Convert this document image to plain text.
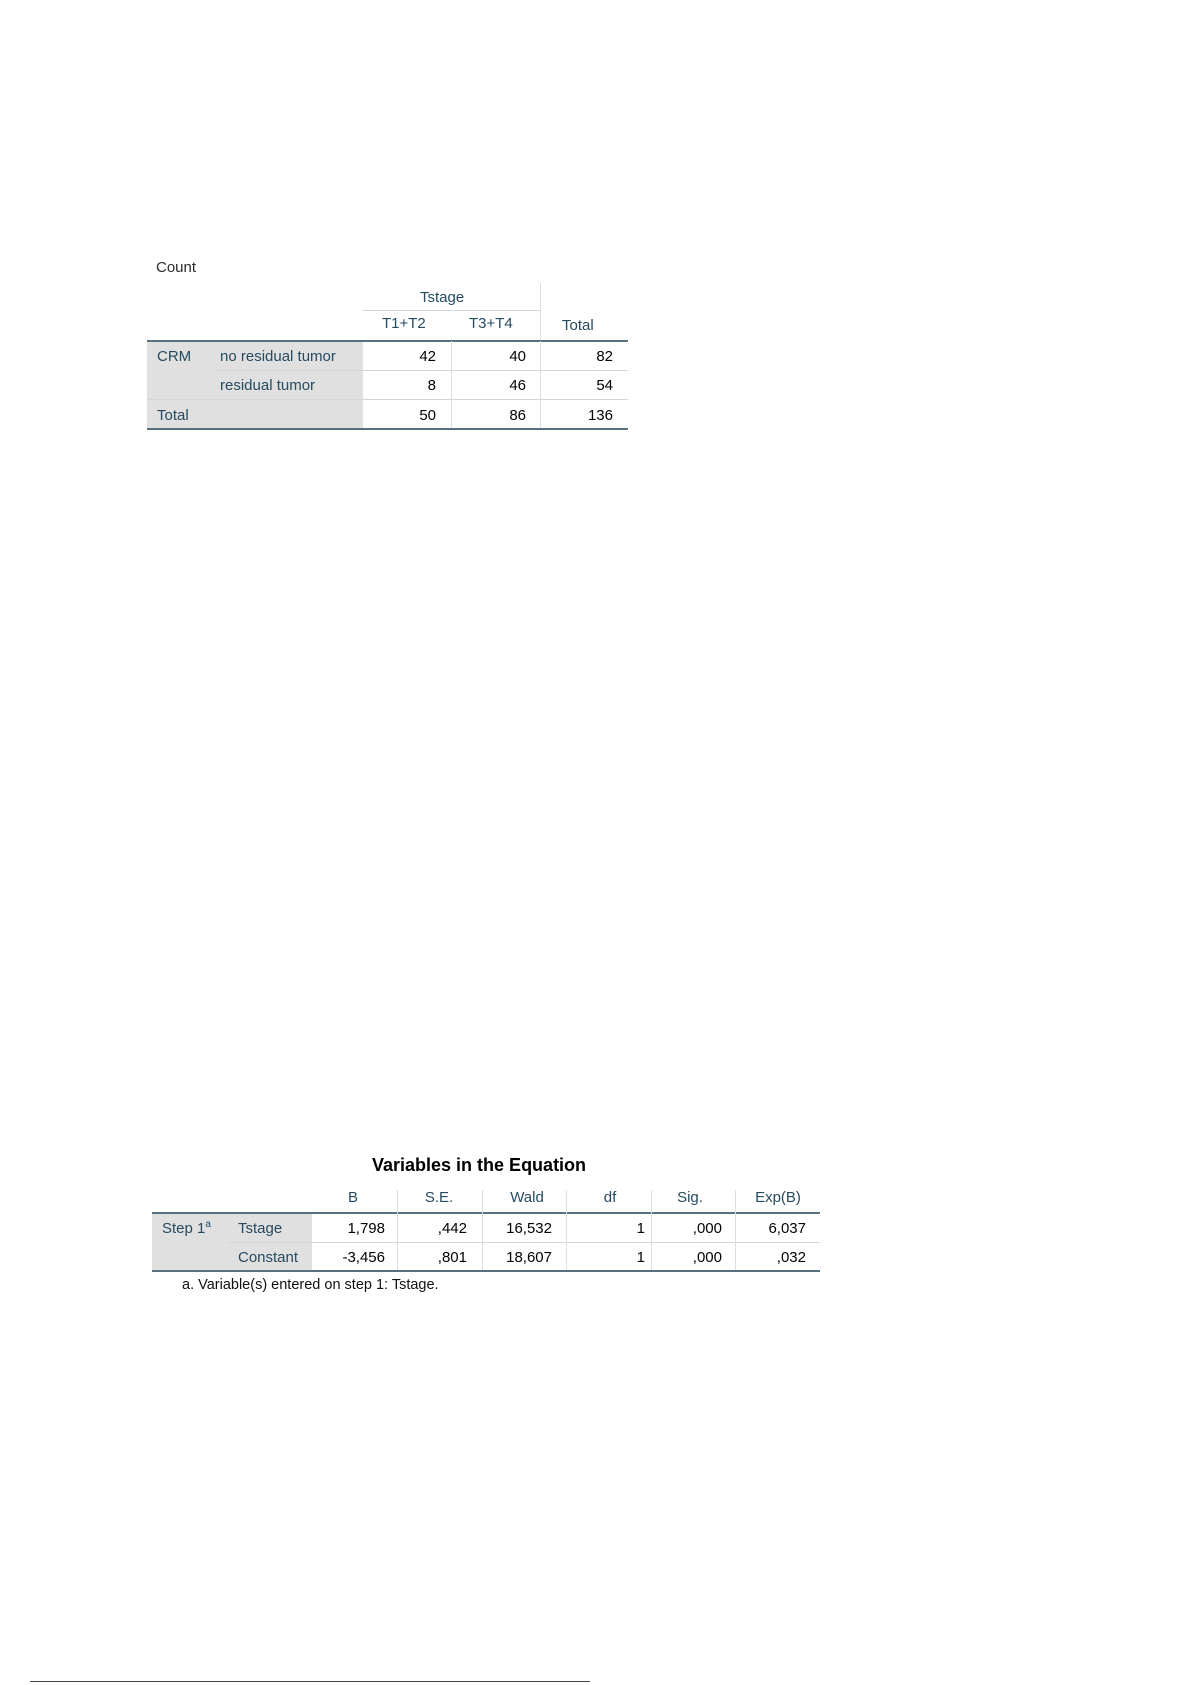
Count
Tstage
T1+T2	T3+T4	Total
CRM no residual tumor	42	40	82
residual tumor	8	46	54
Total	50	86	136
Variables in the Equation
B	S.E.	Wald	df	Sig.	Exp(B)
Step 1$^a$ Tstage	1,798	,442	16,532	1	,000	6,037
Constant	-3,456	,801	18,607	1	,000	,032
a. Variable(s) entered on step 1: Tstage.
